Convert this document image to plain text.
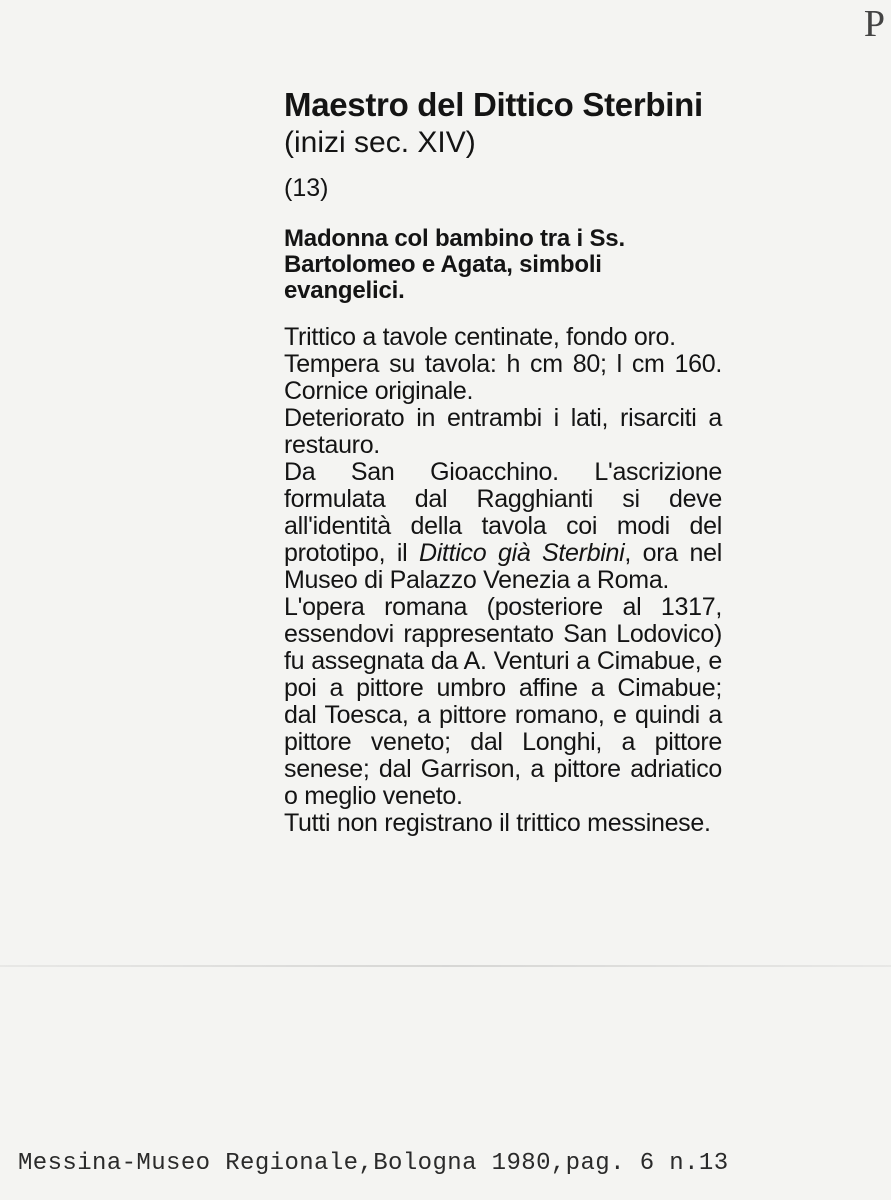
P
Maestro del Dittico Sterbini
(inizi sec. XIV)
(13)
Madonna col bambino tra i Ss. Bartolomeo e Agata, simboli evangelici.

Trittico a tavole centinate, fondo oro.

Tempera su tavola: h cm 80; l cm 160. Cornice originale.

Deteriorato in entrambi i lati, risarciti a restauro.

Da San Gioacchino. L'ascrizione formulata dal Ragghianti si deve all'identità della tavola coi modi del prototipo, il Dittico già Sterbini, ora nel Museo di Palazzo Venezia a Roma.

L'opera romana (posteriore al 1317, essendovi rappresentato San Lodovico) fu assegnata da A. Venturi a Cimabue, e poi a pittore umbro affine a Cimabue; dal Toesca, a pittore romano, e quindi a pittore veneto; dal Longhi, a pittore senese; dal Garrison, a pittore adriatico o meglio veneto.

Tutti non registrano il trittico messinese.

Messina-Museo Regionale,Bologna 1980,pag. 6 n.13
